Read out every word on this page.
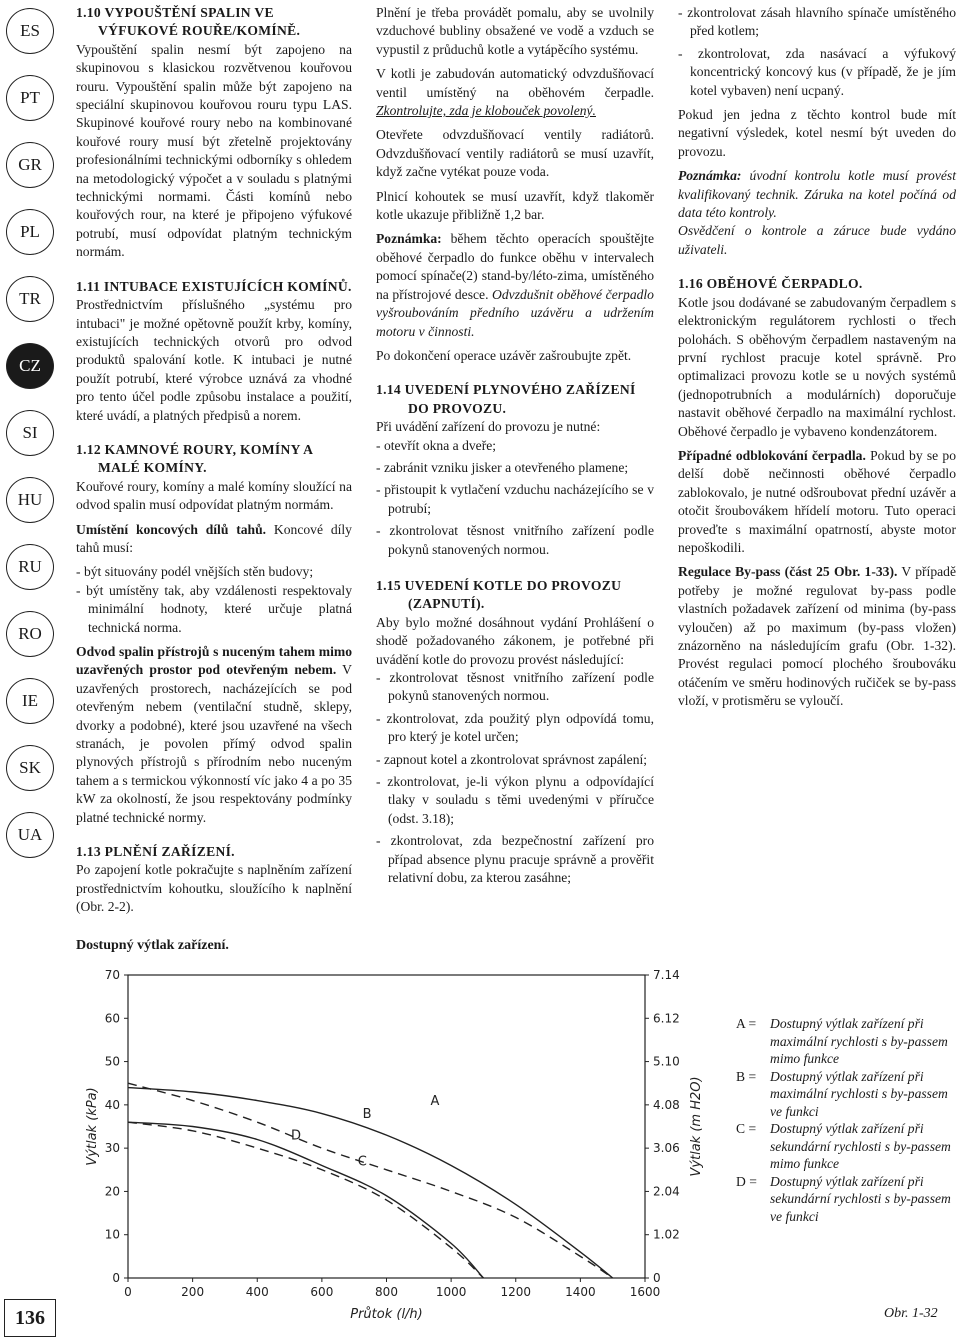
ES
PT
GR
PL
TR
CZ
SI
HU
RU
RO
IE
SK
UA
1.10 VYPOUŠTĚNÍ SPALIN VE
VÝFUKOVÉ ROUŘE/KOMÍNĚ.

Vypouštění spalin nesmí být zapojeno na skupinovou s klasickou rozvětvenou kouřovou rouru. Vypouštění spalin může být zapojeno na speciální skupinovou kouřovou rouru typu LAS. Skupinové kouřové roury nebo na kombinované kouřové roury musí být zřetelně projektovány profesionálními technickými odborníky s ohledem na metodologický výpočet a v souladu s platnými technickými normami. Části komínů nebo kouřových rour, na které je připojeno výfukové potrubí, musí odpovídat platným technickým normám.

1.11 INTUBACE EXISTUJÍCÍCH KOMÍNŮ.

Prostřednictvím příslušného „systému pro intubaci" je možné opětovně použít krby, komíny, existujících technických otvorů pro odvod produktů spalování kotle. K intubaci je nutné použít potrubí, které výrobce uznává za vhodné pro tento účel podle způsobu instalace a použití, které uvádí, a platných předpisů a norem.

1.12 KAMNOVÉ ROURY, KOMÍNY A
MALÉ KOMÍNY.

Kouřové roury, komíny a malé komíny sloužící na odvod spalin musí odpovídat platným normám.

Umístění koncových dílů tahů. Koncové díly tahů musí:

- být situovány podél vnějších stěn budovy;
- být umístěny tak, aby vzdálenosti respektovaly minimální hodnoty, které určuje platná technická norma.

Odvod spalin přístrojů s nuceným tahem mimo uzavřených prostor pod otevřeným nebem. V uzavřených prostorech, nacházejících se pod otevřeným nebem (ventilační studně, sklepy, dvorky a podobné), které jsou uzavřené na všech stranách, je povolen přímý odvod spalin plynových přístrojů s přírodním nebo nuceným tahem a s termickou výkonností víc jako 4 a po 35 kW za okolností, že jsou respektovány podmínky platné technické normy.

1.13 PLNĚNÍ ZAŘÍZENÍ.

Po zapojení kotle pokračujte s naplněním zařízení prostřednictvím kohoutku, sloužícího k naplnění (Obr. 2-2).

Plnění je třeba provádět pomalu, aby se uvolnily vzduchové bubliny obsažené ve vodě a vzduch se vypustil z průduchů kotle a vytápěcího systému.

V kotli je zabudován automatický odvzdušňovací ventil umístěný na oběhovém čerpadle. Zkontrolujte, zda je klobouček povolený.

Otevřete odvzdušňovací ventily radiátorů. Odvzdušňovací ventily radiátorů se musí uzavřít, když začne vytékat pouze voda.

Plnicí kohoutek se musí uzavřít, když tlakoměr kotle ukazuje přibližně 1,2 bar.

Poznámka: během těchto operacích spouštějte oběhové čerpadlo do funkce oběhu v intervalech pomocí spínače(2) stand-by/léto-zima, umístěného na přístrojové desce. Odvzdušnit oběhové čerpadlo vyšroubováním předního uzávěru a udržením motoru v činnosti.

Po dokončení operace uzávěr zašroubujte zpět.

1.14 UVEDENÍ PLYNOVÉHO ZAŘÍZENÍ
DO PROVOZU.

Při uvádění zařízení do provozu je nutné:

- otevřít okna a dveře;
- zabránit vzniku jisker a otevřeného plamene;
- přistoupit k vytlačení vzduchu nacházejícího se v potrubí;
- zkontrolovat těsnost vnitřního zařízení podle pokynů stanovených normou.
1.15 UVEDENÍ KOTLE DO PROVOZU
(ZAPNUTÍ).

Aby bylo možné dosáhnout vydání Prohlášení o shodě požadovaného zákonem, je potřebné při uvádění kotle do provozu provést následující:

- zkontrolovat těsnost vnitřního zařízení podle pokynů stanovených normou.
- zkontrolovat, zda použitý plyn odpovídá tomu, pro který je kotel určen;
- zapnout kotel a zkontrolovat správnost zapálení;
- zkontrolovat, je-li výkon plynu a odpovídající tlaky v souladu s těmi uvedenými v příručce (odst. 3.18);
- zkontrolovat, zda bezpečnostní zařízení pro případ absence plynu pracuje správně a prověřit relativní dobu, za kterou zasáhne;
- zkontrolovat zásah hlavního spínače umístěného před kotlem;
- zkontrolovat, zda nasávací a výfukový koncentrický koncový kus (v případě, že je jím kotel vybaven) není ucpaný.

Pokud jen jedna z těchto kontrol bude mít negativní výsledek, kotel nesmí být uveden do provozu.

Poznámka: úvodní kontrolu kotle musí provést kvalifikovaný technik. Záruka na kotel počíná od data této kontroly.

Osvědčení o kontrole a záruce bude vydáno uživateli.

1.16 OBĚHOVÉ ČERPADLO.

Kotle jsou dodávané se zabudovaným čerpadlem s elektronickým regulátorem rychlosti o třech polohách. S oběhovým čerpadlem nastaveným na první rychlost pracuje kotel správně. Pro optimalizaci provozu kotle se u nových systémů (jednopotrubních a modulárních) doporučuje nastavit oběhové čerpadlo na maximální rychlost. Oběhové čerpadlo je vybaveno kondenzátorem.

Případné odblokování čerpadla. Pokud by se po delší době nečinnosti oběhové čerpadlo zablokovalo, je nutné odšroubovat přední uzávěr a otočit šroubovákem hřídelí motoru. Tuto operaci proveďte s maximální opatrností, abyste motor nepoškodili.

Regulace By-pass (část 25 Obr. 1-33). V případě potřeby je možné regulovat by-pass podle vlastních požadavek zařízení od minima (by-pass vyloučen) až po maximum (by-pass vložen) znázorněno na následujícím grafu (Obr. 1-32). Provést regulaci pomocí plochého šroubováku otáčením ve směru hodinových ručiček se by-pass vloží, v protisměru se vyloučí.

Dostupný výtlak zařízení.
0	0
10	1.02
20	2.04
30	3.06
40	4.08
50	5.10
60	6.12
70	7.14
0	200	400	600	800	1000	1200	1400	1600
Průtok (l/h)
Výtlak (kPa)	Výtlak (m H2O)
A
B
C
D
A =	Dostupný výtlak zařízení při maximální rychlosti s by-passem mimo funkce
B =	Dostupný výtlak zařízení při maximální rychlosti s by-passem ve funkci
C =	Dostupný výtlak zařízení při sekundární rychlosti s by-passem mimo funkce
D = Dostupný výtlak zařízení při sekundární rychlosti s by-passem ve funkci
136	Obr. 1-32
